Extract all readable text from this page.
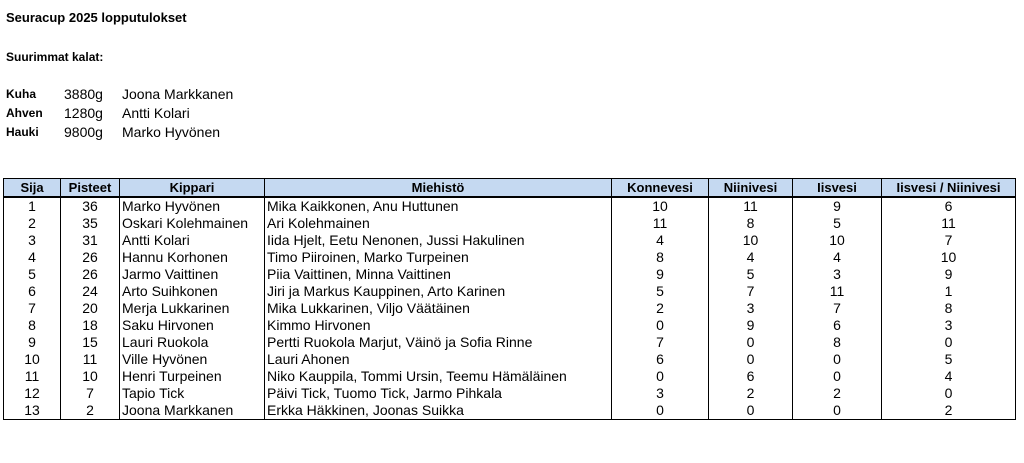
Seuracup 2025 lopputulokset
Suurimmat kalat:
Kuha	3880g	Joona Markkanen
Ahven	1280g	Antti Kolari
Hauki	9800g	Marko Hyvönen
Sija	Pisteet	Kippari	Miehistö	Konnevesi	Niinivesi	Iisvesi	Iisvesi / Niinivesi
1	36	Marko Hyvönen	Mika Kaikkonen, Anu Huttunen	10	11	9	6
2	35	Oskari Kolehmainen	Ari Kolehmainen	11	8	5	11
3	31	Antti Kolari	Iida Hjelt, Eetu Nenonen, Jussi Hakulinen	4	10	10	7
4	26	Hannu Korhonen	Timo Piiroinen, Marko Turpeinen	8	4	4	10
5	26	Jarmo Vaittinen	Piia Vaittinen, Minna Vaittinen	9	5	3	9
6	24	Arto Suihkonen	Jiri ja Markus Kauppinen, Arto Karinen	5	7	11	1
7	20	Merja Lukkarinen	Mika Lukkarinen, Viljo Väätäinen	2	3	7	8
8	18	Saku Hirvonen	Kimmo Hirvonen	0	9	6	3
9	15	Lauri Ruokola	Pertti Ruokola Marjut, Väinö ja Sofia Rinne	7	0	8	0
10	11	Ville Hyvönen	Lauri Ahonen	6	0	0	5
11	10	Henri Turpeinen	Niko Kauppila, Tommi Ursin, Teemu Hämäläinen	0	6	0	4
12	7	Tapio Tick	Päivi Tick, Tuomo Tick, Jarmo Pihkala	3	2	2	0
13	2	Joona Markkanen	Erkka Häkkinen, Joonas Suikka	0	0	0	2
